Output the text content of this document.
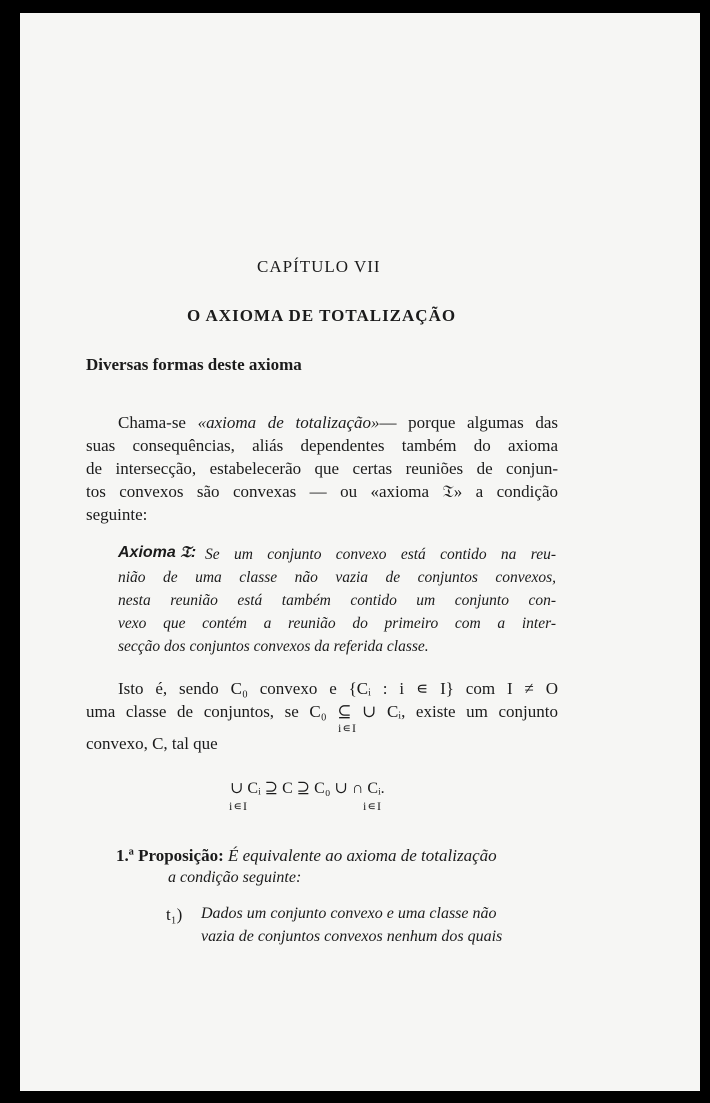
CAPÍTULO VII
O AXIOMA DE TOTALIZAÇÃO
Diversas formas deste axioma
Chama-se «axioma de totalização»— porque algumas das
suas consequências, aliás dependentes também do axioma
de intersecção, estabelecerão que certas reuniões de conjun-
tos convexos são convexas — ou «axioma 𝔗» a condição
seguinte:
Axioma 𝔗: Se um conjunto convexo está contido na reu-
nião de uma classe não vazia de conjuntos convexos,
nesta reunião está também contido um conjunto con-
vexo que contém a reunião do primeiro com a inter-
secção dos conjuntos convexos da referida classe.
Isto é, sendo C₀ convexo e {Cᵢ : i ∊ I} com I ≠ O
uma classe de conjuntos, se C₀ ⊆ ∪ Cᵢ, existe um conjunto
i∊I
convexo, C, tal que
∪ Cᵢ ⊇ C ⊇ C₀ ∪ ∩ Cᵢ.
i∊I	i∊I
1.ª Proposição: É equivalente ao axioma de totalização
a condição seguinte:
t₁) Dados um conjunto convexo e uma classe não
vazia de conjuntos convexos nenhum dos quais
